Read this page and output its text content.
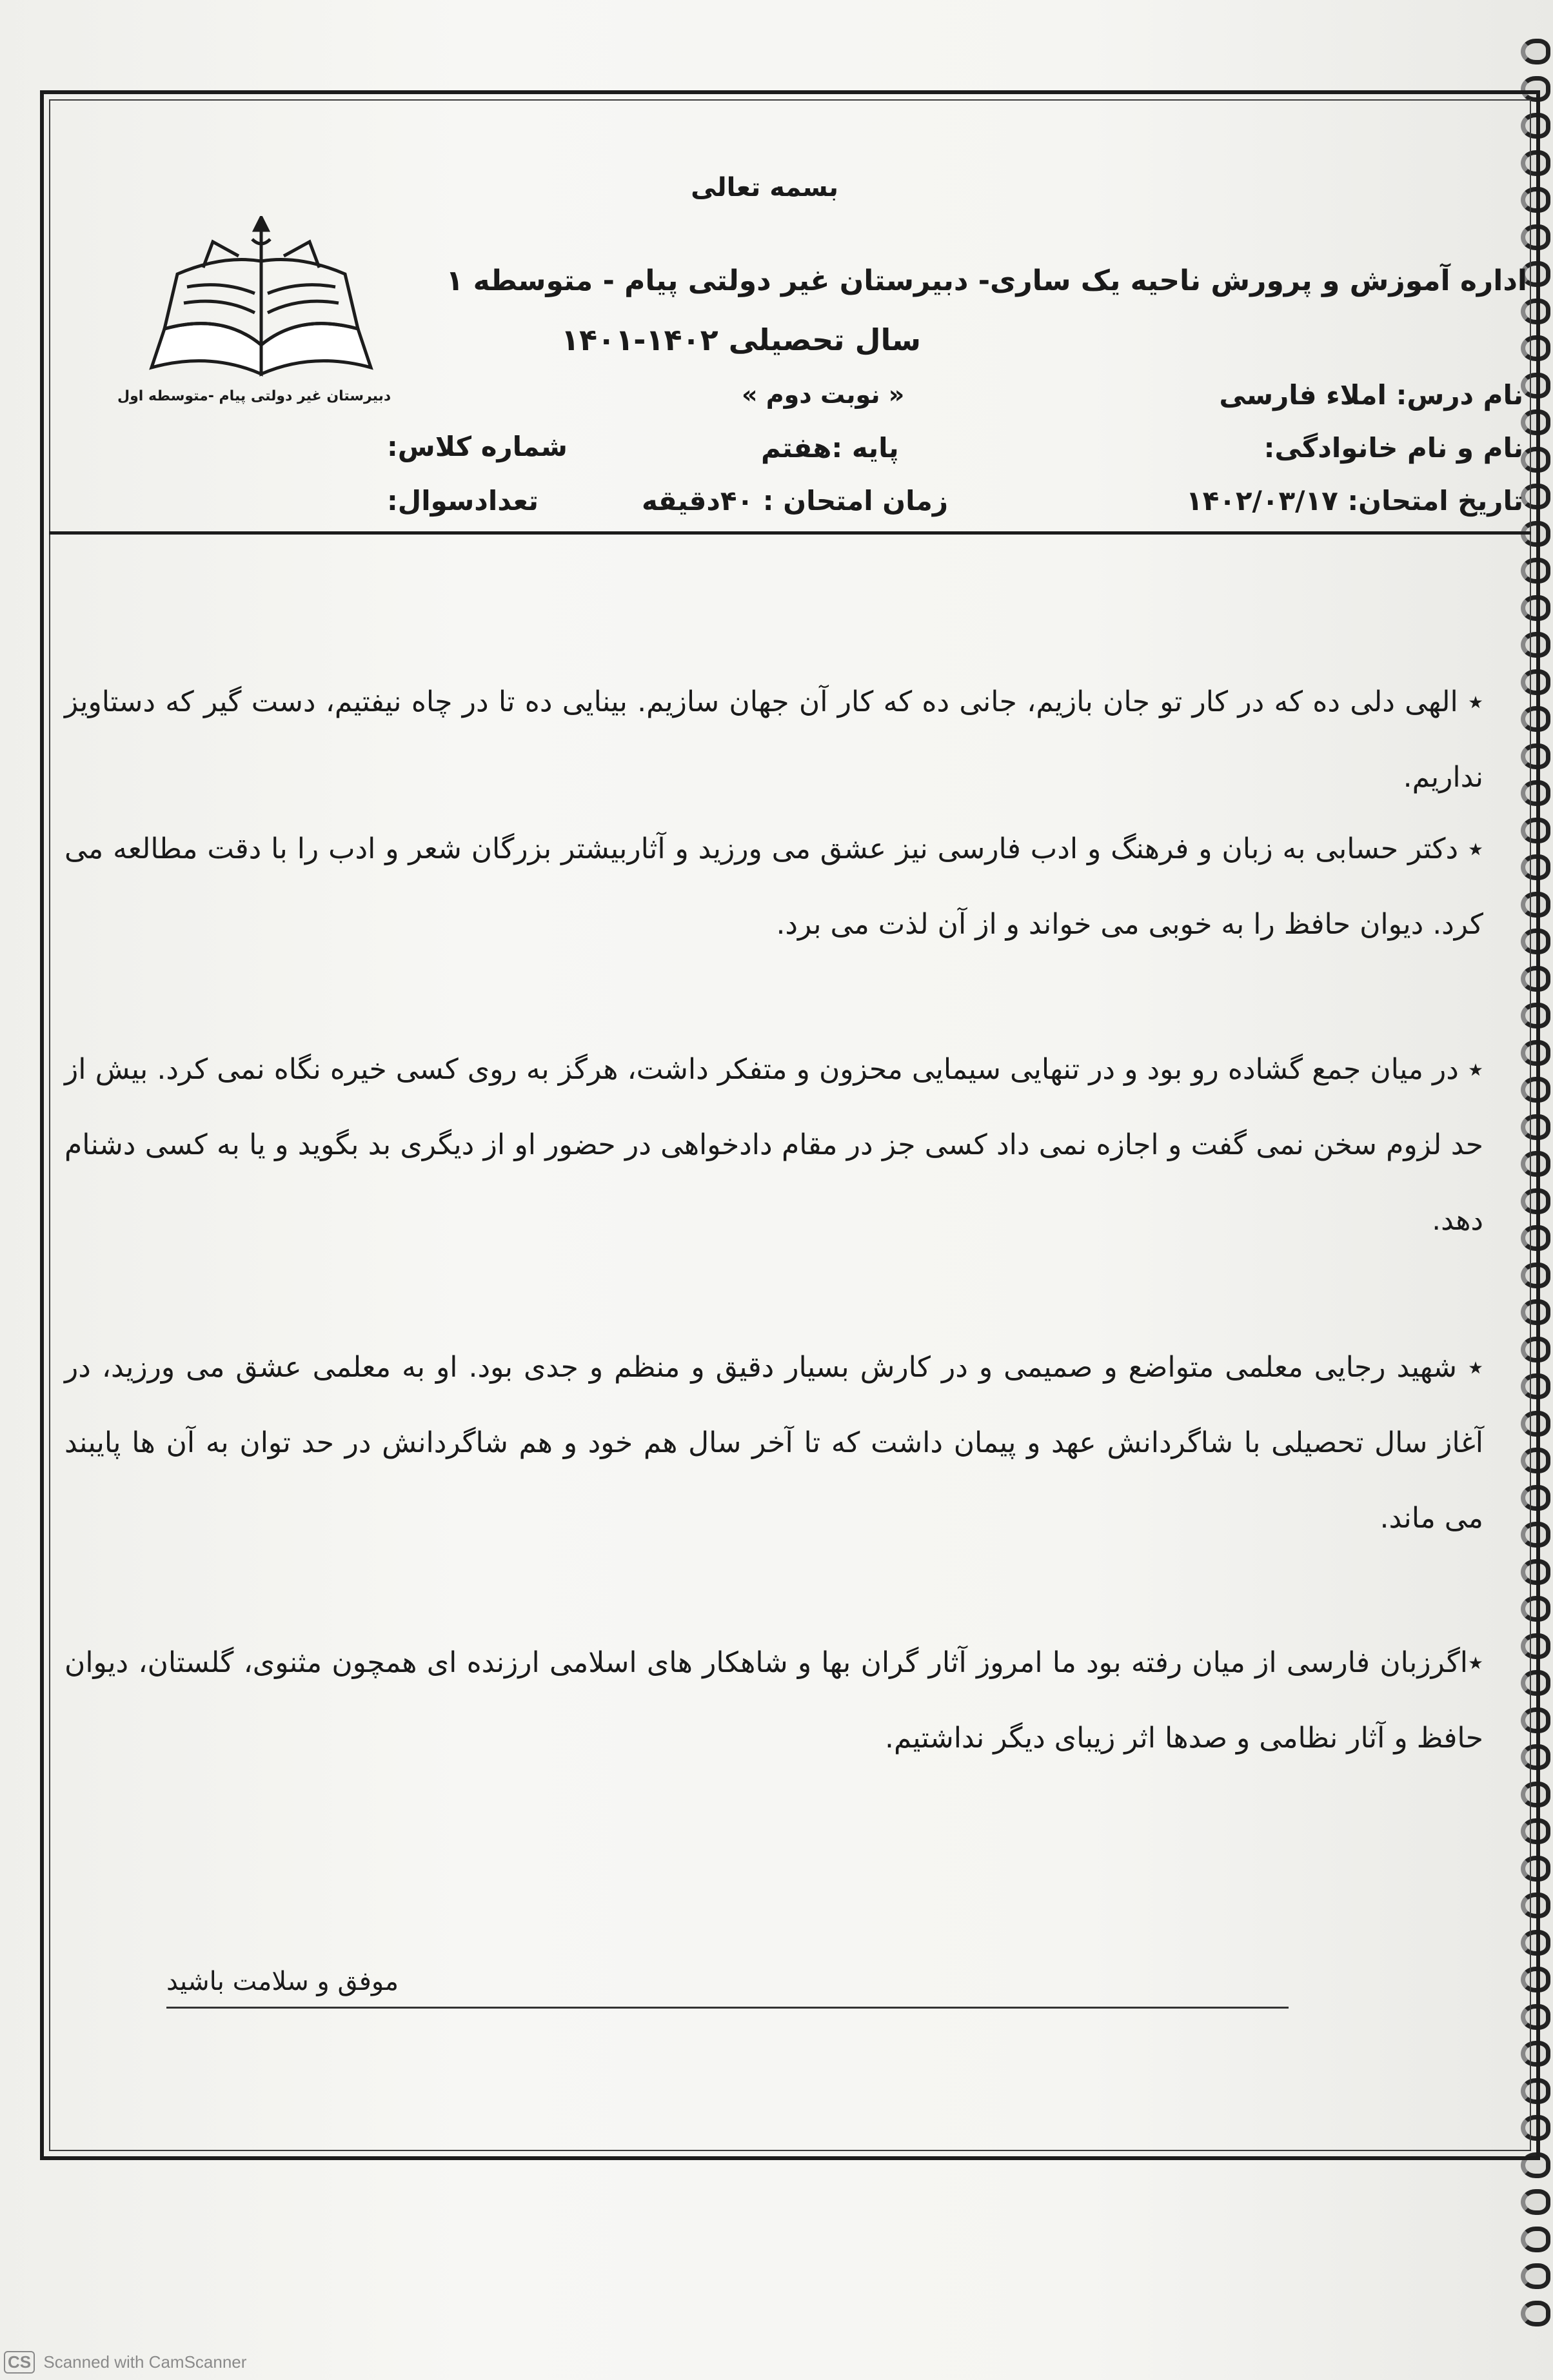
دبیرستان غیر دولتی پیام -متوسطه اول
بسمه تعالی
اداره آموزش و پرورش ناحیه یک ساری- دبیرستان غیر دولتی پیام - متوسطه ۱
سال تحصیلی ۱۴۰۲-۱۴۰۱
نام درس: املاء فارسی
نام و نام خانوادگی:
تاریخ امتحان: ۱۴۰۲/۰۳/۱۷
« نوبت دوم »
پایه :هفتم
زمان امتحان : ۴۰دقیقه
شماره کلاس:
تعدادسوال:
٭ الهی دلی ده که در کار تو جان بازیم، جانی ده که کار آن جهان سازیم. بینایی ده تا در چاه نیفتیم، دست گیر که دستاویز نداریم.
٭ دکتر حسابی به زبان و فرهنگ و ادب فارسی نیز عشق می ورزید و آثاربیشتر بزرگان شعر و ادب را با دقت مطالعه می کرد. دیوان حافظ را به خوبی می خواند و از آن لذت می برد.
٭ در میان جمع گشاده رو بود و در تنهایی سیمایی محزون و متفکر داشت، هرگز به روی کسی خیره نگاه نمی کرد. بیش از حد لزوم سخن نمی گفت و اجازه نمی داد کسی جز در مقام دادخواهی در حضور او از دیگری بد بگوید و یا به کسی دشنام دهد.
٭ شهید رجایی معلمی متواضع و صمیمی و در کارش بسیار دقیق و منظم و جدی بود. او به معلمی عشق می ورزید، در آغاز سال تحصیلی با شاگردانش عهد و پیمان داشت که تا آخر سال هم خود و هم شاگردانش در حد توان به آن ها پایبند می ماند.
٭اگرزبان فارسی از میان رفته بود ما امروز آثار گران بها و شاهکار های اسلامی ارزنده ای همچون مثنوی، گلستان، دیوان حافظ و آثار نظامی و صدها اثر زیبای دیگر نداشتیم.
موفق و سلامت باشید
CS Scanned with CamScanner
